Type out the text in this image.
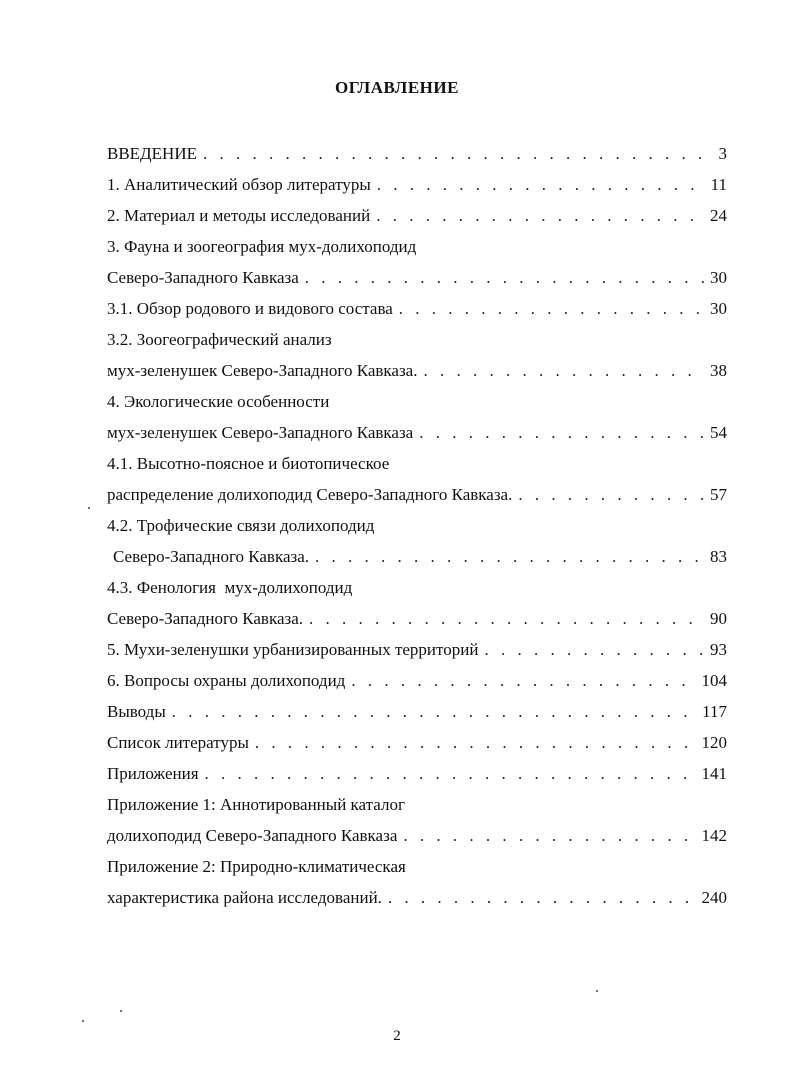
ОГЛАВЛЕНИЕ
ВВЕДЕНИЕ . . .	3
1. Аналитический обзор литературы . . .	11
2. Материал и методы исследований . . .	24
3. Фауна и зоогеография мух-долихоподид
Северо-Западного Кавказа . . .	30
3.1. Обзор родового и видового состава . . .	30
3.2. Зоогеографический анализ
мух-зеленушек Северо-Западного Кавказа. . . .	38
4. Экологические особенности
мух-зеленушек Северо-Западного Кавказа . . .	54
4.1. Высотно-поясное и биотопическое
распределение долихоподид Северо-Западного Кавказа. . . .	57
4.2. Трофические связи долихоподид
Северо-Западного Кавказа. . . .	83
4.3. Фенология  мух-долихоподид
Северо-Западного Кавказа. . . .	90
5. Мухи-зеленушки урбанизированных территорий . . .	93
6. Вопросы охраны долихоподид . . .	104
Выводы . . .	117
Список литературы . . .	120
Приложения . . .	141
Приложение 1: Аннотированный каталог
долихоподид Северо-Западного Кавказа . . .	142
Приложение 2: Природно-климатическая
характеристика района исследований. . . .	240
2
